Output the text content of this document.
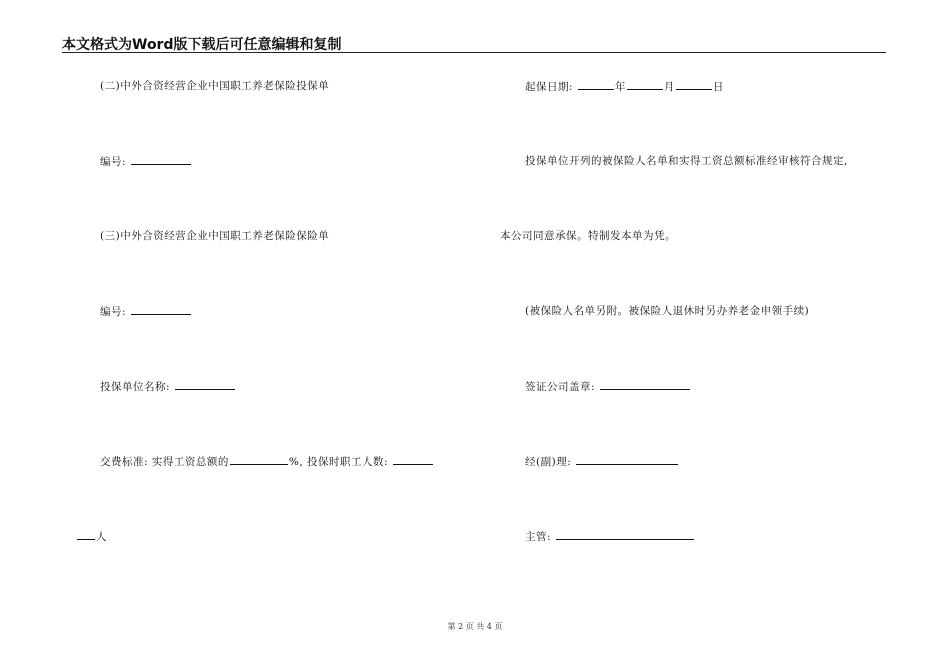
本文格式为Word版下载后可任意编辑和复制
(二)中外合资经营企业中国职工养老保险投保单
编号:
(三)中外合资经营企业中国职工养老保险保险单
编号:
投保单位名称:
交费标准: 实得工资总额的	%, 投保时职工人数:
人
起保日期:	年	月	日
投保单位开列的被保险人名单和实得工资总额标准经审核符合规定,
本公司同意承保。特制发本单为凭。
(被保险人名单另附。被保险人退休时另办养老金申领手续)
签证公司盖章:
经(副)理:
主管:
第 2 页 共 4 页
